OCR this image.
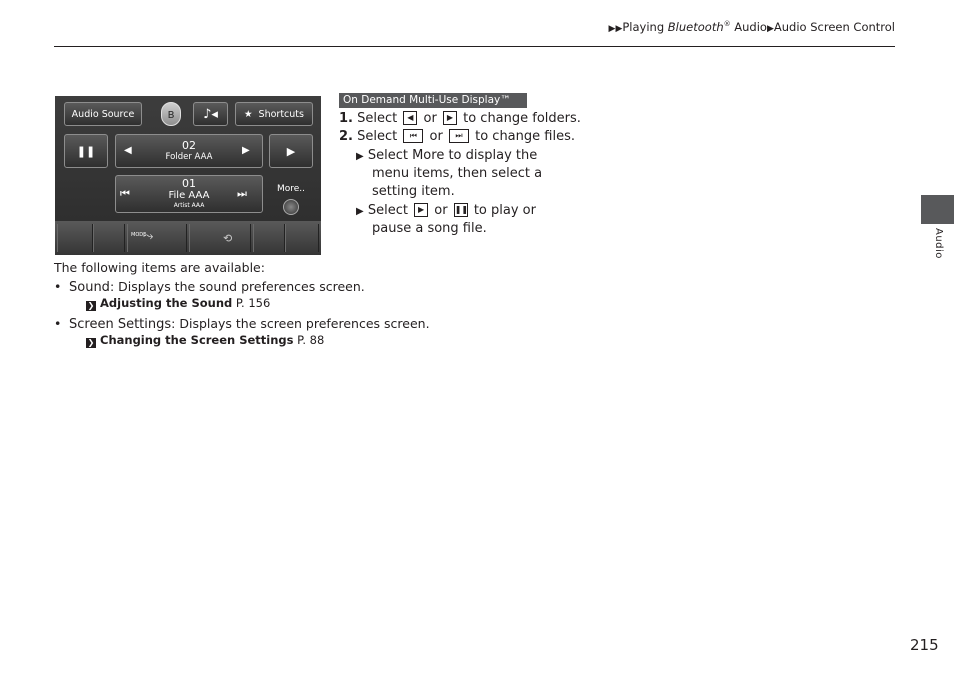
▶▶Playing Bluetooth® Audio▶Audio Screen Control
Audio
Audio Source	ʙ ♪◂	★ Shortcuts
❚❚	02
Folder AAA
◀	▶	▶
01
File AAA
Artist AAA
⏮	⏭	More..
MODE
⤳	⟲
On Demand Multi-Use Display™
1. Select	◀ or	▶ to change folders.
2. Select	⏮ or	⏭ to change files.
▶ Select More to display the
menu items, then select a
setting item.
▶ Select	▶ or ❚❚ to play or
pause a song file.
The following items are available:
• Sound: Displays the sound preferences screen.
❯ Adjusting the Sound P. 156
• Screen Settings: Displays the screen preferences screen.
❯ Changing the Screen Settings P. 88
215
